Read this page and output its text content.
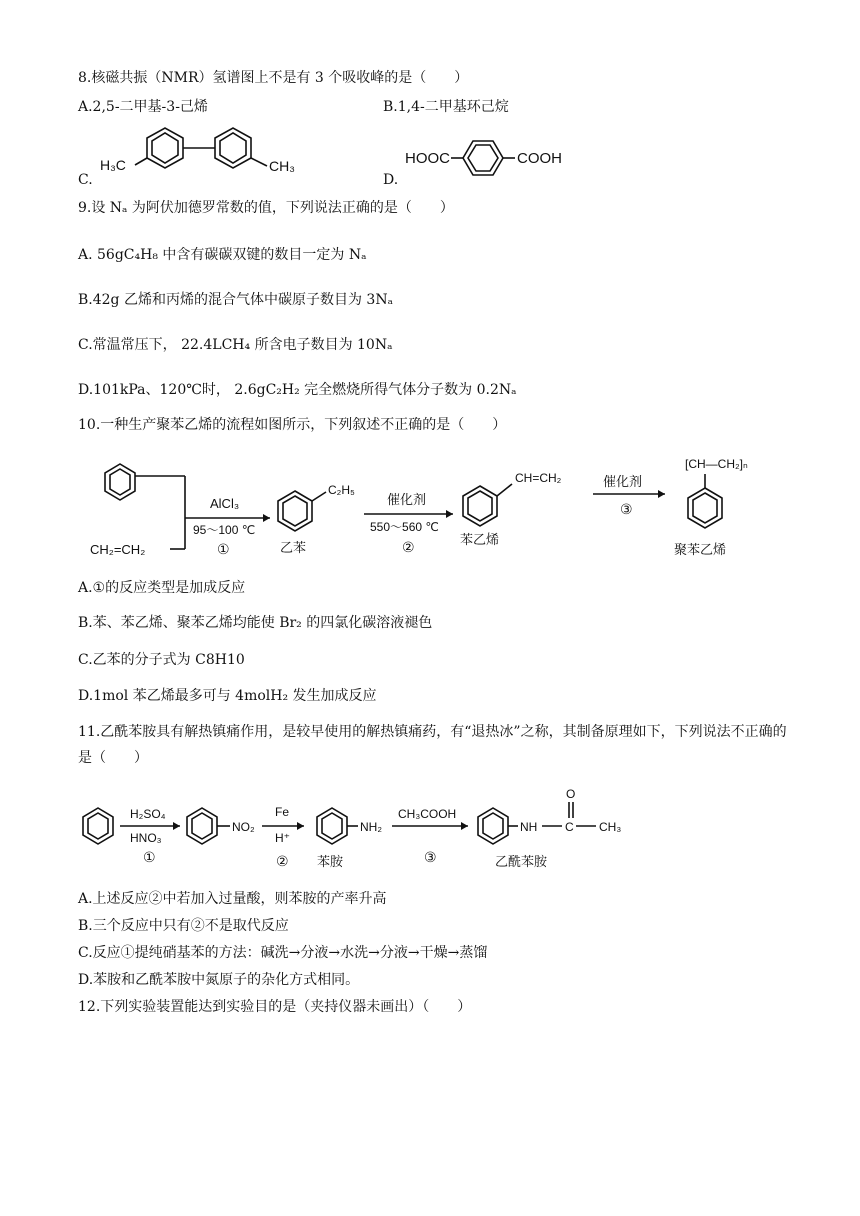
8.核磁共振（NMR）氢谱图上不是有 3 个吸收峰的是（　　）
A.2,5-二甲基-3-己烯	B.1,4-二甲基环己烷
C.	D.
H₃C	CH₃	HOOC	COOH
9.设 Nₐ 为阿伏加德罗常数的值，下列说法正确的是（　　）
A. 56gC₄H₈ 中含有碳碳双键的数目一定为 Nₐ
B.42g 乙烯和丙烯的混合气体中碳原子数目为 3Nₐ
C.常温常压下， 22.4LCH₄ 所含电子数目为 10Nₐ
D.101kPa、120℃时， 2.6gC₂H₂ 完全燃烧所得气体分子数为 0.2Nₐ
10.一种生产聚苯乙烯的流程如图所示，下列叙述不正确的是（　　）
CH₂=CH₂
AlCl₃
95～100 ℃
①
C₂H₅
乙苯
催化剂
550～560 ℃
②
CH=CH₂
苯乙烯
催化剂
③
[CH—CH₂]ₙ
聚苯乙烯
A.①的反应类型是加成反应
B.苯、苯乙烯、聚苯乙烯均能使 Br₂ 的四氯化碳溶液褪色
C.乙苯的分子式为 C8H10
D.1mol 苯乙烯最多可与 4molH₂ 发生加成反应
11.乙酰苯胺具有解热镇痛作用，是较早使用的解热镇痛药，有“退热冰”之称，其制备原理如下，下列说法不正确的是（　　）
H₂SO₄
HNO₃
①
NO₂
Fe
H⁺
②
NH₂
苯胺
CH₃COOH
③
NH C
O
CH₃
乙酰苯胺
A.上述反应②中若加入过量酸，则苯胺的产率升高
B.三个反应中只有②不是取代反应
C.反应①提纯硝基苯的方法：碱洗→分液→水洗→分液→干燥→蒸馏
D.苯胺和乙酰苯胺中氮原子的杂化方式相同。
12.下列实验装置能达到实验目的是（夹持仪器未画出）（　　）
